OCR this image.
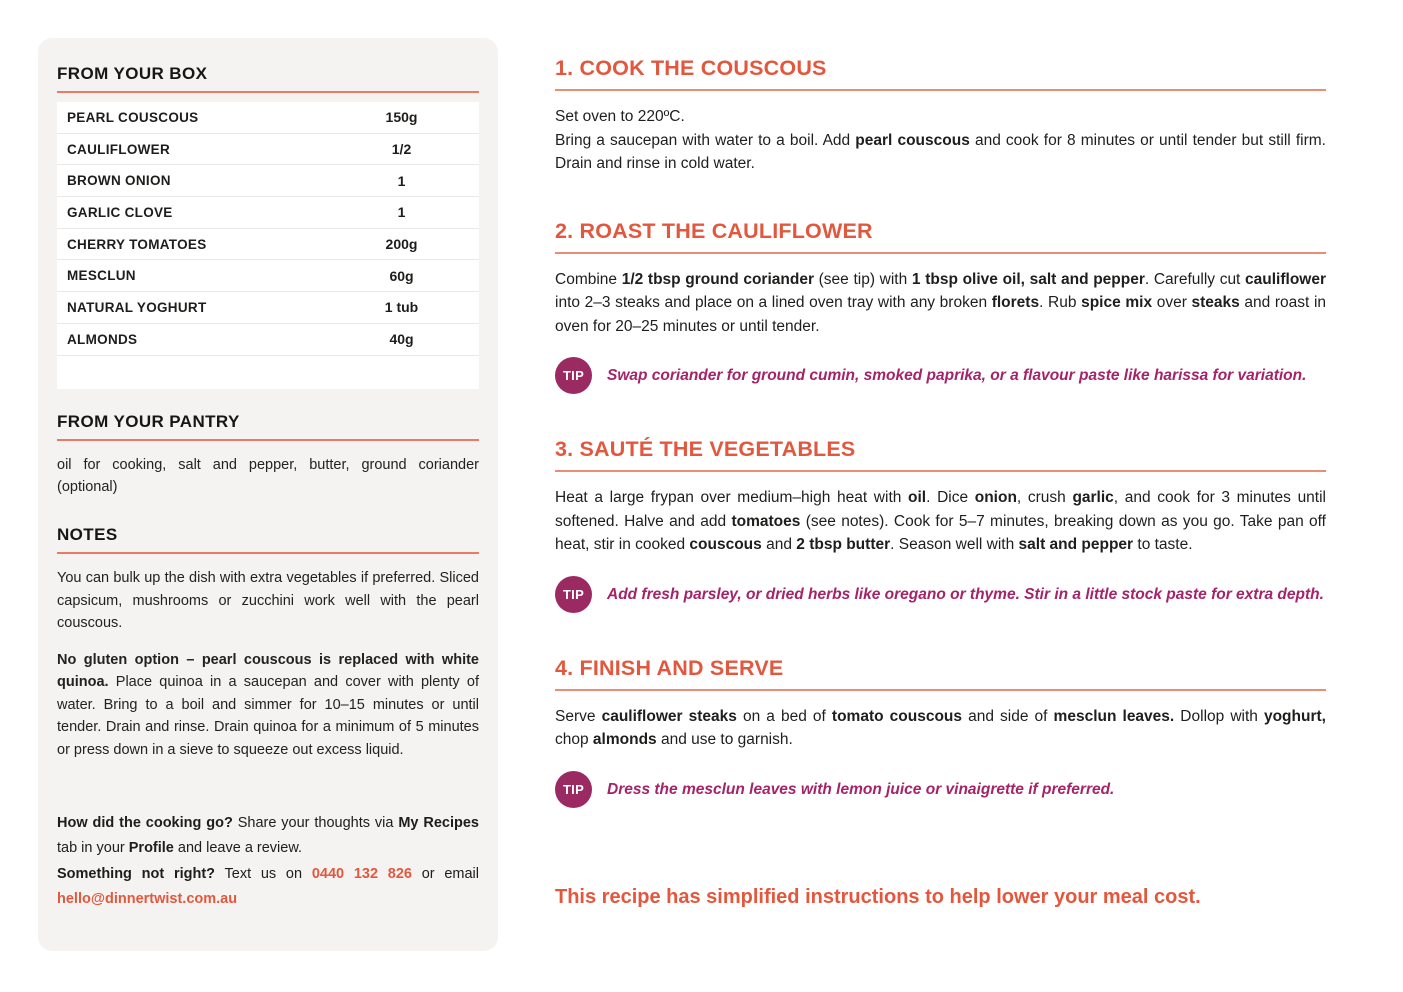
FROM YOUR BOX
PEARL COUSCOUS	150g
CAULIFLOWER	1/2
BROWN ONION	1
GARLIC CLOVE	1
CHERRY TOMATOES	200g
MESCLUN	60g
NATURAL YOGHURT	1 tub
ALMONDS	40g
FROM YOUR PANTRY
oil for cooking, salt and pepper, butter, ground coriander (optional)
NOTES
You can bulk up the dish with extra vegetables if preferred. Sliced capsicum, mushrooms or zucchini work well with the pearl couscous.
No gluten option – pearl couscous is replaced with white quinoa. Place quinoa in a saucepan and cover with plenty of water. Bring to a boil and simmer for 10–15 minutes or until tender. Drain and rinse. Drain quinoa for a minimum of 5 minutes or press down in a sieve to squeeze out excess liquid.
How did the cooking go? Share your thoughts via My Recipes tab in your Profile and leave a review.
Something not right? Text us on 0440 132 826 or email hello@dinnertwist.com.au
1. COOK THE COUSCOUS
Set oven to 220ºC.
Bring a saucepan with water to a boil. Add pearl couscous and cook for 8 minutes or until tender but still firm. Drain and rinse in cold water.
2. ROAST THE CAULIFLOWER
Combine 1/2 tbsp ground coriander (see tip) with 1 tbsp olive oil, salt and pepper. Carefully cut cauliflower into 2–3 steaks and place on a lined oven tray with any broken florets. Rub spice mix over steaks and roast in oven for 20–25 minutes or until tender.
TIP	Swap coriander for ground cumin, smoked paprika, or a flavour paste like harissa for variation.
3. SAUTÉ THE VEGETABLES
Heat a large frypan over medium–high heat with oil. Dice onion, crush garlic, and cook for 3 minutes until softened. Halve and add tomatoes (see notes). Cook for 5–7 minutes, breaking down as you go. Take pan off heat, stir in cooked couscous and 2 tbsp butter. Season well with salt and pepper to taste.
TIP	Add fresh parsley, or dried herbs like oregano or thyme. Stir in a little stock paste for extra depth.
4. FINISH AND SERVE
Serve cauliflower steaks on a bed of tomato couscous and side of mesclun leaves. Dollop with yoghurt, chop almonds and use to garnish.
TIP	Dress the mesclun leaves with lemon juice or vinaigrette if preferred.
This recipe has simplified instructions to help lower your meal cost.
